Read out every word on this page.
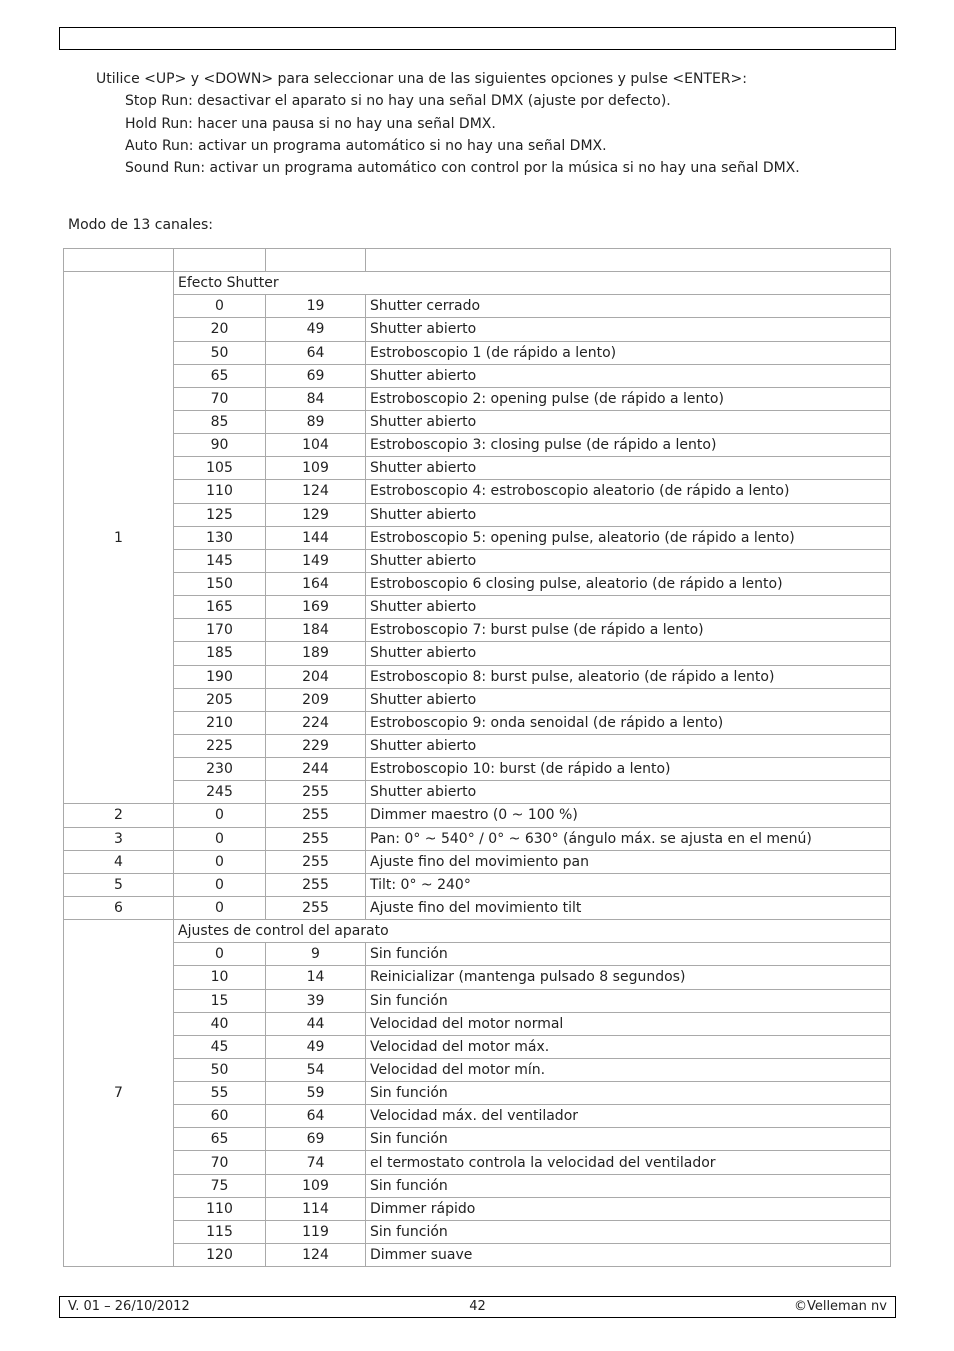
Utilice <UP> y <DOWN> para seleccionar una de las siguientes opciones y pulse <ENTER>:
Stop Run: desactivar el aparato si no hay una señal DMX (ajuste por defecto).
Hold Run: hacer una pausa si no hay una señal DMX.
Auto Run: activar un programa automático si no hay una señal DMX.
Sound Run: activar un programa automático con control por la música si no hay una señal DMX.
Modo de 13 canales:

1	Efecto Shutter		
	0	19	Shutter cerrado
	20	49	Shutter abierto
	50	64	Estroboscopio 1 (de rápido a lento)
	65	69	Shutter abierto
	70	84	Estroboscopio 2: opening pulse (de rápido a lento)
	85	89	Shutter abierto
	90	104	Estroboscopio 3: closing pulse (de rápido a lento)
	105	109	Shutter abierto
	110	124	Estroboscopio 4: estroboscopio aleatorio (de rápido a lento)
	125	129	Shutter abierto
	130	144	Estroboscopio 5: opening pulse, aleatorio (de rápido a lento)
	145	149	Shutter abierto
	150	164	Estroboscopio 6 closing pulse, aleatorio (de rápido a lento)
	165	169	Shutter abierto
	170	184	Estroboscopio 7: burst pulse (de rápido a lento)
	185	189	Shutter abierto
	190	204	Estroboscopio 8: burst pulse, aleatorio (de rápido a lento)
	205	209	Shutter abierto
	210	224	Estroboscopio 9: onda senoidal (de rápido a lento)
	225	229	Shutter abierto
	230	244	Estroboscopio 10: burst (de rápido a lento)
	245	255	Shutter abierto
2	0	255	Dimmer maestro (0 ~ 100 %)
3	0	255	Pan: 0° ~ 540° / 0° ~ 630° (ángulo máx. se ajusta en el menú)
4	0	255	Ajuste fino del movimiento pan
5	0	255	Tilt: 0° ~ 240°
6	0	255	Ajuste fino del movimiento tilt
7	Ajustes de control del aparato		
	0	9	Sin función
	10	14	Reinicializar (mantenga pulsado 8 segundos)
	15	39	Sin función
	40	44	Velocidad del motor normal
	45	49	Velocidad del motor máx.
	50	54	Velocidad del motor mín.
	55	59	Sin función
	60	64	Velocidad máx. del ventilador
	65	69	Sin función
	70	74	el termostato controla la velocidad del ventilador
	75	109	Sin función
	110	114	Dimmer rápido
	115	119	Sin función
	120	124	Dimmer suave
V. 01 – 26/10/2012	42	©Velleman nv
